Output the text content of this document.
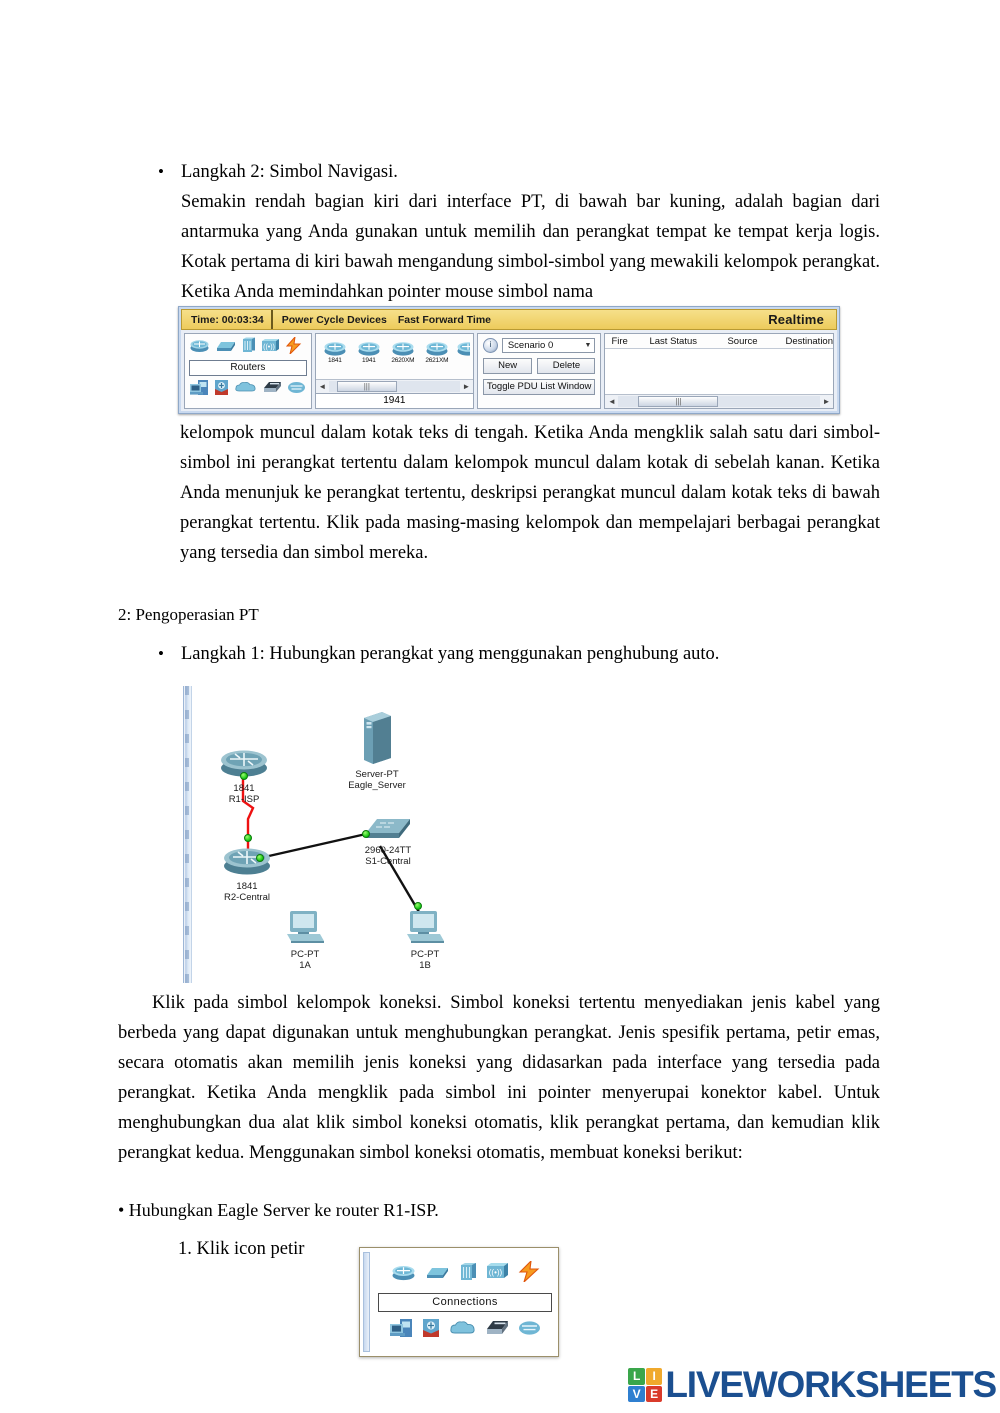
• Langkah 2: Simbol Navigasi.
Semakin rendah bagian kiri dari interface PT, di bawah bar kuning, adalah bagian dari antarmuka yang Anda gunakan untuk memilih dan perangkat tempat ke tempat kerja logis. Kotak pertama di kiri bawah mengandung simbol-simbol yang mewakili kelompok perangkat. Ketika Anda memindahkan pointer mouse simbol nama
Time: 00:03:34	Power Cycle Devices Fast Forward Time	Realtime
((•))
Routers
1841	1941	2620XM	2621XM
◄	|||	►
1941
i	Scenario 0	▼
New	Delete
Toggle PDU List Window
Fire	Last Status	Source	Destination
◄	|||	►
kelompok muncul dalam kotak teks di tengah. Ketika Anda mengklik salah satu dari simbol-simbol ini perangkat tertentu dalam kelompok muncul dalam kotak di sebelah kanan. Ketika Anda menunjuk ke perangkat tertentu, deskripsi perangkat muncul dalam kotak teks di bawah perangkat tertentu. Klik pada masing-masing kelompok dan mempelajari berbagai perangkat yang tersedia dan simbol mereka.
2: Pengoperasian PT
• Langkah 1: Hubungkan perangkat yang menggunakan penghubung auto.
1841
R1-ISP
Server-PT
Eagle_Server
1841
R2-Central
2960-24TT
S1-Central
PC-PT
1A
PC-PT
1B
Klik pada simbol kelompok koneksi. Simbol koneksi tertentu menyediakan jenis kabel yang berbeda yang dapat digunakan untuk menghubungkan perangkat. Jenis spesifik pertama, petir emas, secara otomatis akan memilih jenis koneksi yang didasarkan pada interface yang tersedia pada perangkat. Ketika Anda mengklik pada simbol ini pointer menyerupai konektor kabel. Untuk menghubungkan dua alat klik simbol koneksi otomatis, klik perangkat pertama, dan kemudian klik perangkat kedua. Menggunakan simbol koneksi otomatis, membuat koneksi berikut:
• Hubungkan Eagle Server ke router R1-ISP.
1. Klik icon petir
((•))
Connections
L	I
V E LIVEWORKSHEETS
